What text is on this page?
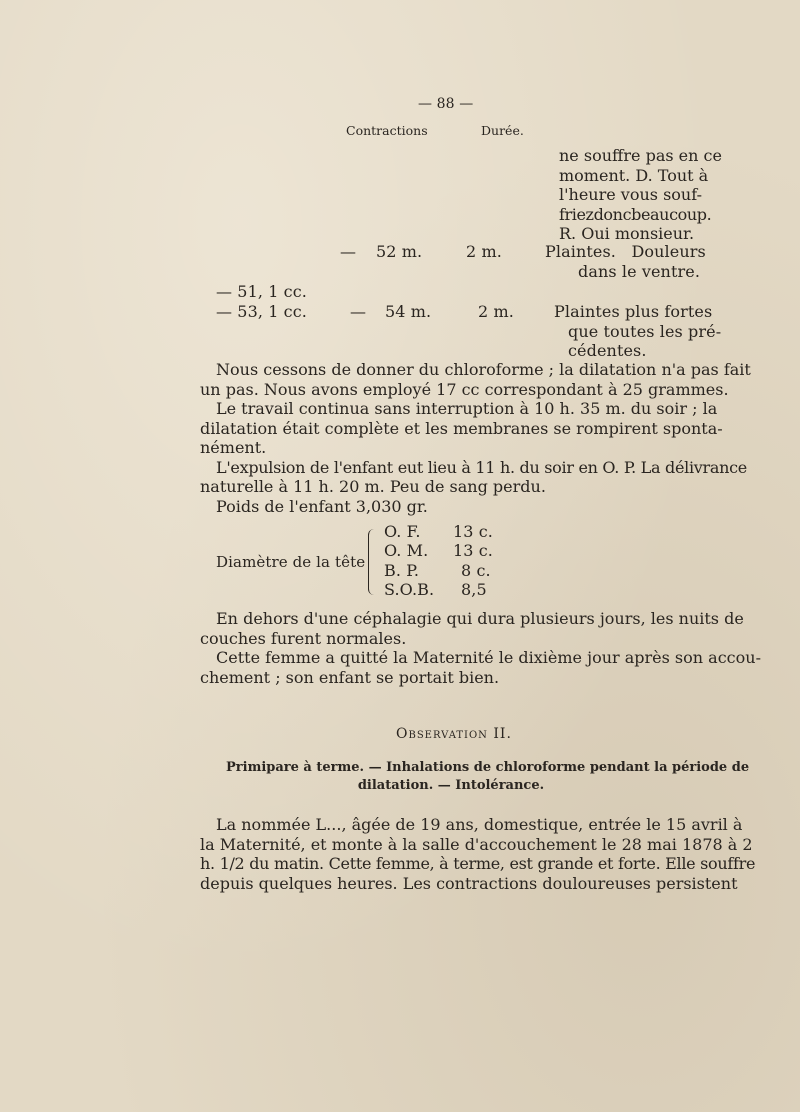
— 88 —
Contractions	Durée.
ne souffre pas en ce
moment. D. Tout à
l'heure vous souf-
friezdoncbeaucoup.
R. Oui monsieur.
— 52 m.	2 m.	Plaintes.   Douleurs
dans le ventre.
— 51, 1 cc.
— 53, 1 cc.	— 54 m.	2 m.	Plaintes plus fortes
que toutes les pré-
cédentes.
Nous cessons de donner du chloroforme ; la dilatation n'a pas fait
un pas. Nous avons employé 17 cc correspondant à 25 grammes.
Le travail continua sans interruption à 10 h. 35 m. du soir ; la
dilatation était complète et les membranes se rompirent sponta-
nément.
L'expulsion de l'enfant eut lieu à 11 h. du soir en O. P. La délivrance
naturelle à 11 h. 20 m. Peu de sang perdu.
Poids de l'enfant 3,030 gr.
Diamètre de la tête
O. F. 13 c.
O. M. 13 c.
B. P.	8 c.
S.O.B. 8,5
En dehors d'une céphalagie qui dura plusieurs jours, les nuits de
couches furent normales.
Cette femme a quitté la Maternité le dixième jour après son accou-
chement ; son enfant se portait bien.
Observation II.
Primipare à terme. — Inhalations de chloroforme pendant la période de
dilatation. — Intolérance.
La nommée L..., âgée de 19 ans, domestique, entrée le 15 avril à
la Maternité, et monte à la salle d'accouchement le 28 mai 1878 à 2
h. 1/2 du matin. Cette femme, à terme, est grande et forte. Elle souffre
depuis quelques heures. Les contractions douloureuses persistent
